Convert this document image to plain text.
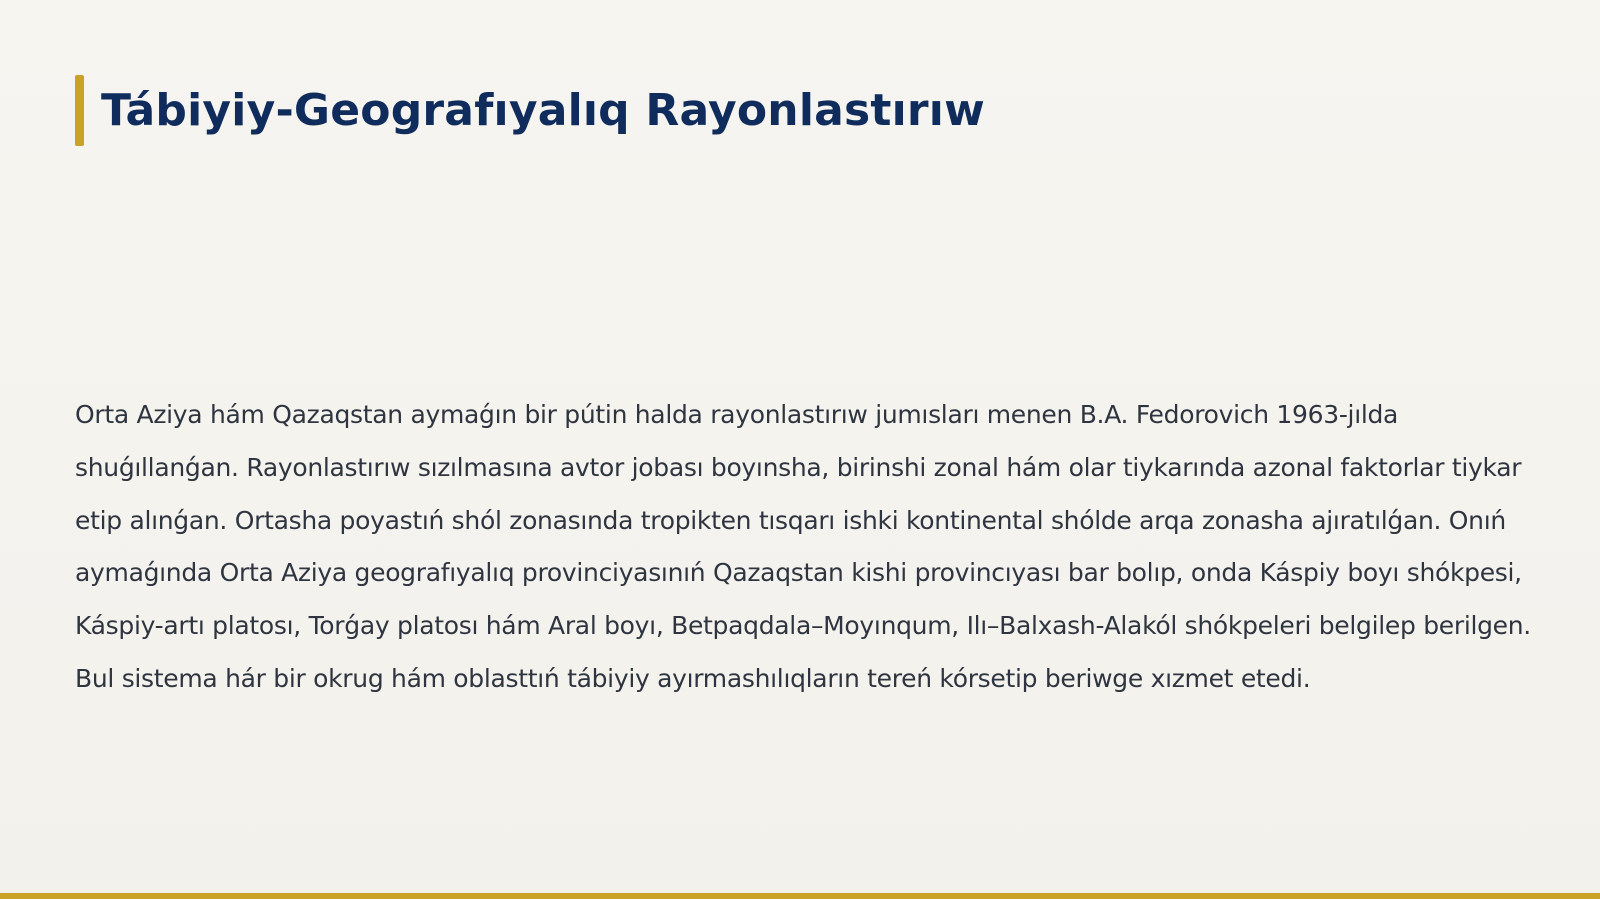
Tábiyiy-Geografıyalıq Rayonlastırıw

Orta Aziya hám Qazaqstan aymaǵın bir pútin halda rayonlastırıw jumısları menen B.A. Fedorovich 1963-jılda shuǵıllanǵan. Rayonlastırıw sızılmasına avtor jobası boyınsha, birinshi zonal hám olar tiykarında azonal faktorlar tiykar etip alınǵan. Ortasha poyastıń shól zonasında tropikten tısqarı ishki kontinental shólde arqa zonasha ajıratılǵan. Onıń aymaǵında Orta Aziya geografıyalıq provinciyasınıń Qazaqstan kishi provincıyası bar bolıp, onda Káspiy boyı shókpesi, Káspiy-artı platosı, Torǵay platosı hám Aral boyı, Betpaqdala–Moyınqum, Ilı–Balxash-Alakól shókpeleri belgilep berilgen. Bul sistema hár bir okrug hám oblasttıń tábiyiy ayırmashılıqların tereń kórsetip beriwge xızmet etedi.
